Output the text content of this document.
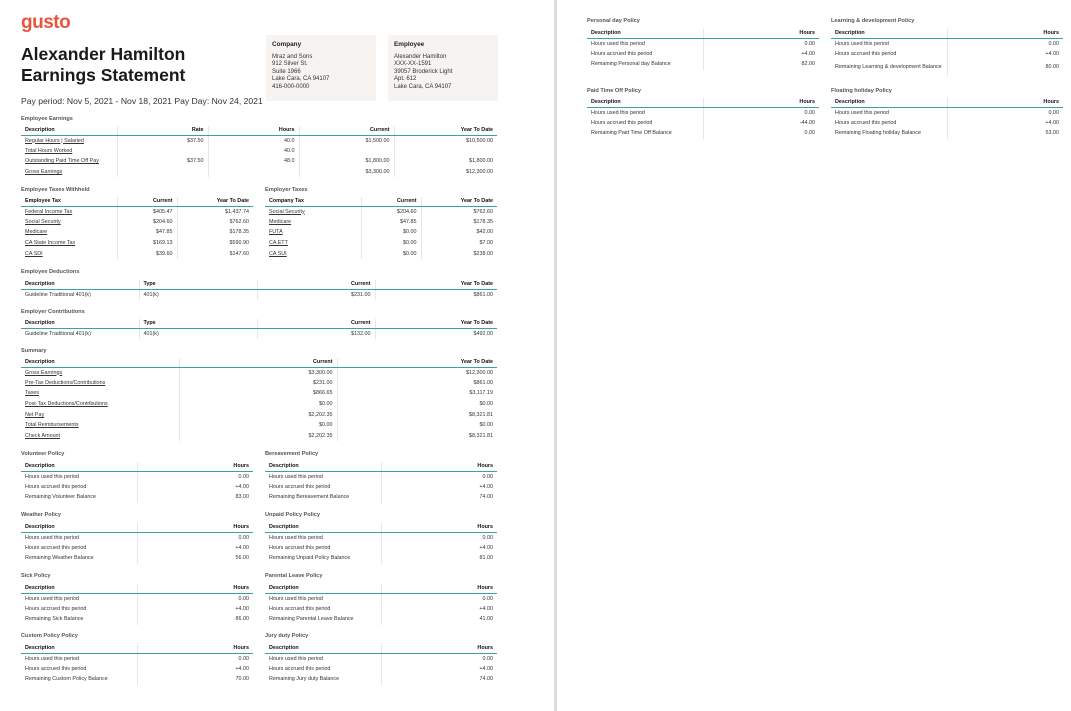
gusto
Alexander Hamilton Earnings Statement
Pay period: Nov 5, 2021 - Nov 18, 2021 Pay Day: Nov 24, 2021
Company
Mraz and Sons
912 Silver St.
Suite 1966
Lake Cara, CA 94107
416-000-0000
Employee
Alexander Hamilton
XXX-XX-1591
39057 Broderick Light
Apt. 612
Lake Cara, CA 94107
Employee Earnings
Description	Rate	Hours	Current	Year To Date
Regular Hours | Salaried	$37.50	40.0	$1,500.00	$10,500.00
Total Hours Worked		40.0		
Outstanding Paid Time Off Pay	$37.50	48.0	$1,800.00	$1,800.00
Gross Earnings			$3,300.00	$12,300.00
Employee Taxes Withheld
Employee Tax	Current	Year To Date
Federal Income Tax	$405.47	$1,437.74
Social Security	$204.60	$762.60
Medicare	$47.85	$178.35
CA State Income Tax	$169.13	$590.90
CA SDI	$39.60	$147.60
Employer Taxes
Company Tax	Current	Year To Date
Social Security	$204.60	$762.60
Medicare	$47.85	$178.35
FUTA	$0.00	$42.00
CA ETT	$0.00	$7.00
CA SUI	$0.00	$238.00
Employee Deductions
Description	Type	Current	Year To Date
Guideline Traditional 401(k)	401(k)	$231.00	$861.00
Employer Contributions
Description	Type	Current	Year To Date
Guideline Traditional 401(k)	401(k)	$132.00	$492.00
Summary
Description	Current	Year To Date
Gross Earnings	$3,300.00	$12,300.00
Pre-Tax Deductions/Contributions	$231.00	$861.00
Taxes	$866.65	$3,117.19
Post-Tax Deductions/Contributions	$0.00	$0.00
Net Pay	$2,202.35	$8,321.81
Total Reimbursements	$0.00	$0.00
Check Amount	$2,202.35	$8,321.81
Volunteer Policy
Description	Hours
Hours used this period	0.00
Hours accrued this period	+4.00
Remaining Volunteer Balance	83.00
Bereavement Policy
Description	Hours
Hours used this period	0.00
Hours accrued this period	+4.00
Remaining Bereavement Balance	74.00
Weather Policy
Description	Hours
Hours used this period	0.00
Hours accrued this period	+4.00
Remaining Weather Balance	56.00
Unpaid Policy Policy
Description	Hours
Hours used this period	0.00
Hours accrued this period	+4.00
Remaining Unpaid Policy Balance	81.00
Sick Policy
Description	Hours
Hours used this period	0.00
Hours accrued this period	+4.00
Remaining Sick Balance	86.00
Parental Leave Policy
Description	Hours
Hours used this period	0.00
Hours accrued this period	+4.00
Remaining Parental Leave Balance	41.00
Custom Policy Policy
Description	Hours
Hours used this period	0.00
Hours accrued this period	+4.00
Remaining Custom Policy Balance	70.00
Jury duty Policy
Description	Hours
Hours used this period	0.00
Hours accrued this period	+4.00
Remaining Jury duty Balance	74.00
Personal day Policy
Description	Hours
Hours used this period	0.00
Hours accrued this period	+4.00
Remaining Personal day Balance	82.00
Learning & development Policy
Description	Hours
Hours used this period	0.00
Hours accrued this period	+4.00
Remaining Learning & development Balance	80.00
Paid Time Off Policy
Description	Hours
Hours used this period	0.00
Hours accrued this period	-44.00
Remaining Paid Time Off Balance	0.00
Floating holiday Policy
Description	Hours
Hours used this period	0.00
Hours accrued this period	+4.00
Remaining Floating holiday Balance	53.00
